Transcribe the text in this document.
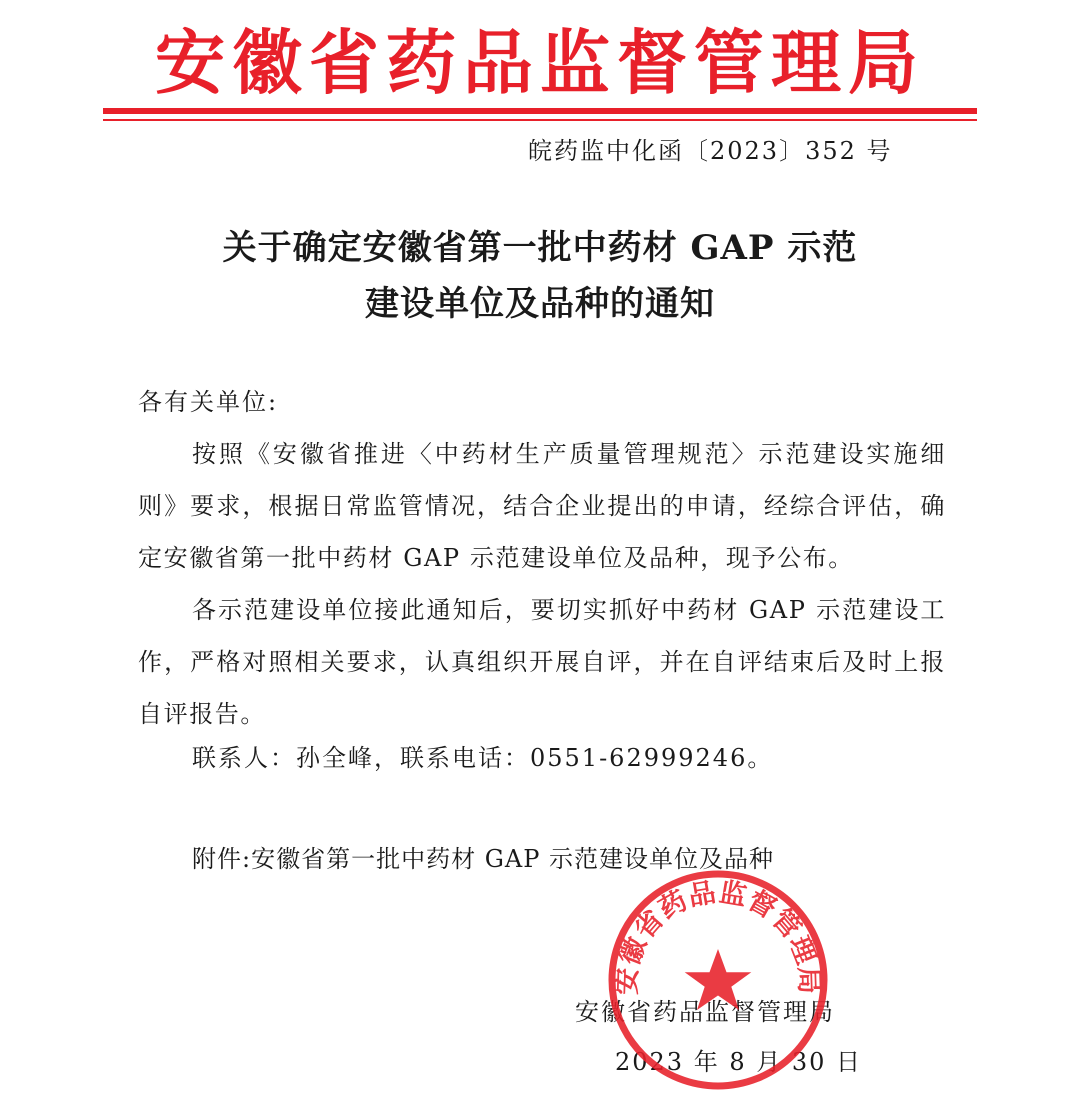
安徽省药品监督管理局
皖药监中化函〔2023〕352 号
关于确定安徽省第一批中药材 GAP 示范
建设单位及品种的通知
各有关单位:
按照《安徽省推进〈中药材生产质量管理规范〉示范建设实施细则》要求，根据日常监管情况，结合企业提出的申请，经综合评估，确定安徽省第一批中药材 GAP 示范建设单位及品种，现予公布。
各示范建设单位接此通知后，要切实抓好中药材 GAP 示范建设工作，严格对照相关要求，认真组织开展自评，并在自评结束后及时上报自评报告。
联系人：孙全峰，联系电话：0551-62999246。
附件:安徽省第一批中药材 GAP 示范建设单位及品种
安徽省药品监督管理局
2023 年 8 月 30 日
安徽省药品监督管理局
